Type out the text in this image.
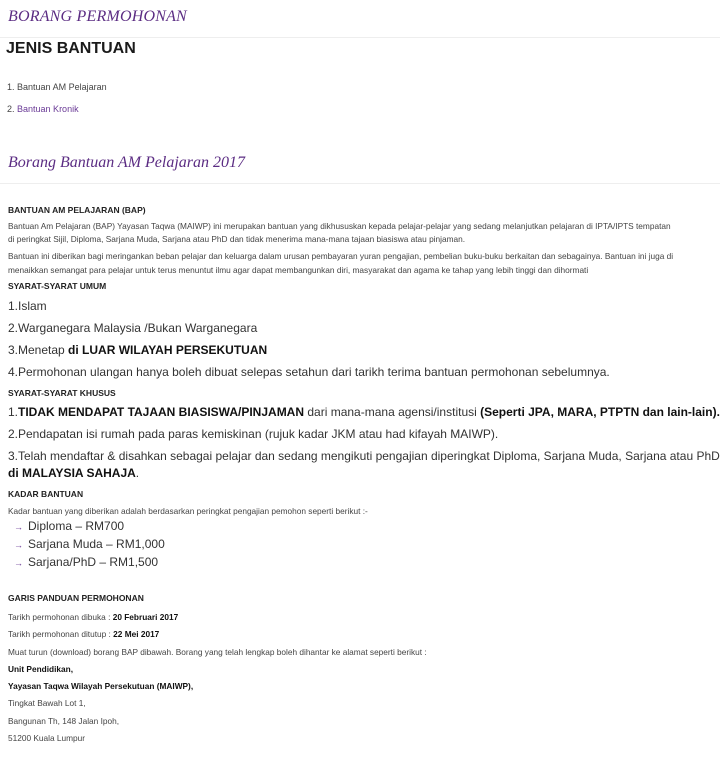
BORANG PERMOHONAN
JENIS BANTUAN
1. Bantuan AM Pelajaran
2. Bantuan Kronik
Borang Bantuan AM Pelajaran 2017
BANTUAN AM PELAJARAN (BAP)
Bantuan Am Pelajaran (BAP) Yayasan Taqwa (MAIWP) ini merupakan bantuan yang dikhususkan kepada pelajar-pelajar yang sedang melanjutkan pelajaran di IPTA/IPTS tempatan
di peringkat Sijil, Diploma, Sarjana Muda, Sarjana atau PhD dan tidak menerima mana-mana tajaan biasiswa atau pinjaman.
Bantuan ini diberikan bagi meringankan beban pelajar dan keluarga dalam urusan pembayaran yuran pengajian, pembelian buku-buku berkaitan dan sebagainya. Bantuan ini juga di
menaikkan semangat para pelajar untuk terus menuntut ilmu agar dapat membangunkan diri, masyarakat dan agama ke tahap yang lebih tinggi dan dihormati
SYARAT-SYARAT UMUM
1.Islam
2.Warganegara Malaysia /Bukan Warganegara
3.Menetap di LUAR WILAYAH PERSEKUTUAN
4.Permohonan ulangan hanya boleh dibuat selepas setahun dari tarikh terima bantuan permohonan sebelumnya.
SYARAT-SYARAT KHUSUS
1.TIDAK MENDAPAT TAJAAN BIASISWA/PINJAMAN dari mana-mana agensi/institusi (Seperti JPA, MARA, PTPTN dan lain-lain).
2.Pendapatan isi rumah pada paras kemiskinan (rujuk kadar JKM atau had kifayah MAIWP).
3.Telah mendaftar & disahkan sebagai pelajar dan sedang mengikuti pengajian diperingkat Diploma, Sarjana Muda, Sarjana atau PhD
di MALAYSIA SAHAJA.
KADAR BANTUAN
Kadar bantuan yang diberikan adalah berdasarkan peringkat pengajian pemohon seperti berikut :-
→ Diploma – RM700
→ Sarjana Muda – RM1,000
→ Sarjana/PhD – RM1,500
GARIS PANDUAN PERMOHONAN
Tarikh permohonan dibuka : 20 Februari 2017
Tarikh permohonan ditutup : 22 Mei 2017
Muat turun (download) borang BAP dibawah. Borang yang telah lengkap boleh dihantar ke alamat seperti berikut :
Unit Pendidikan,
Yayasan Taqwa Wilayah Persekutuan (MAIWP),
Tingkat Bawah Lot 1,
Bangunan Th, 148 Jalan Ipoh,
51200 Kuala Lumpur
